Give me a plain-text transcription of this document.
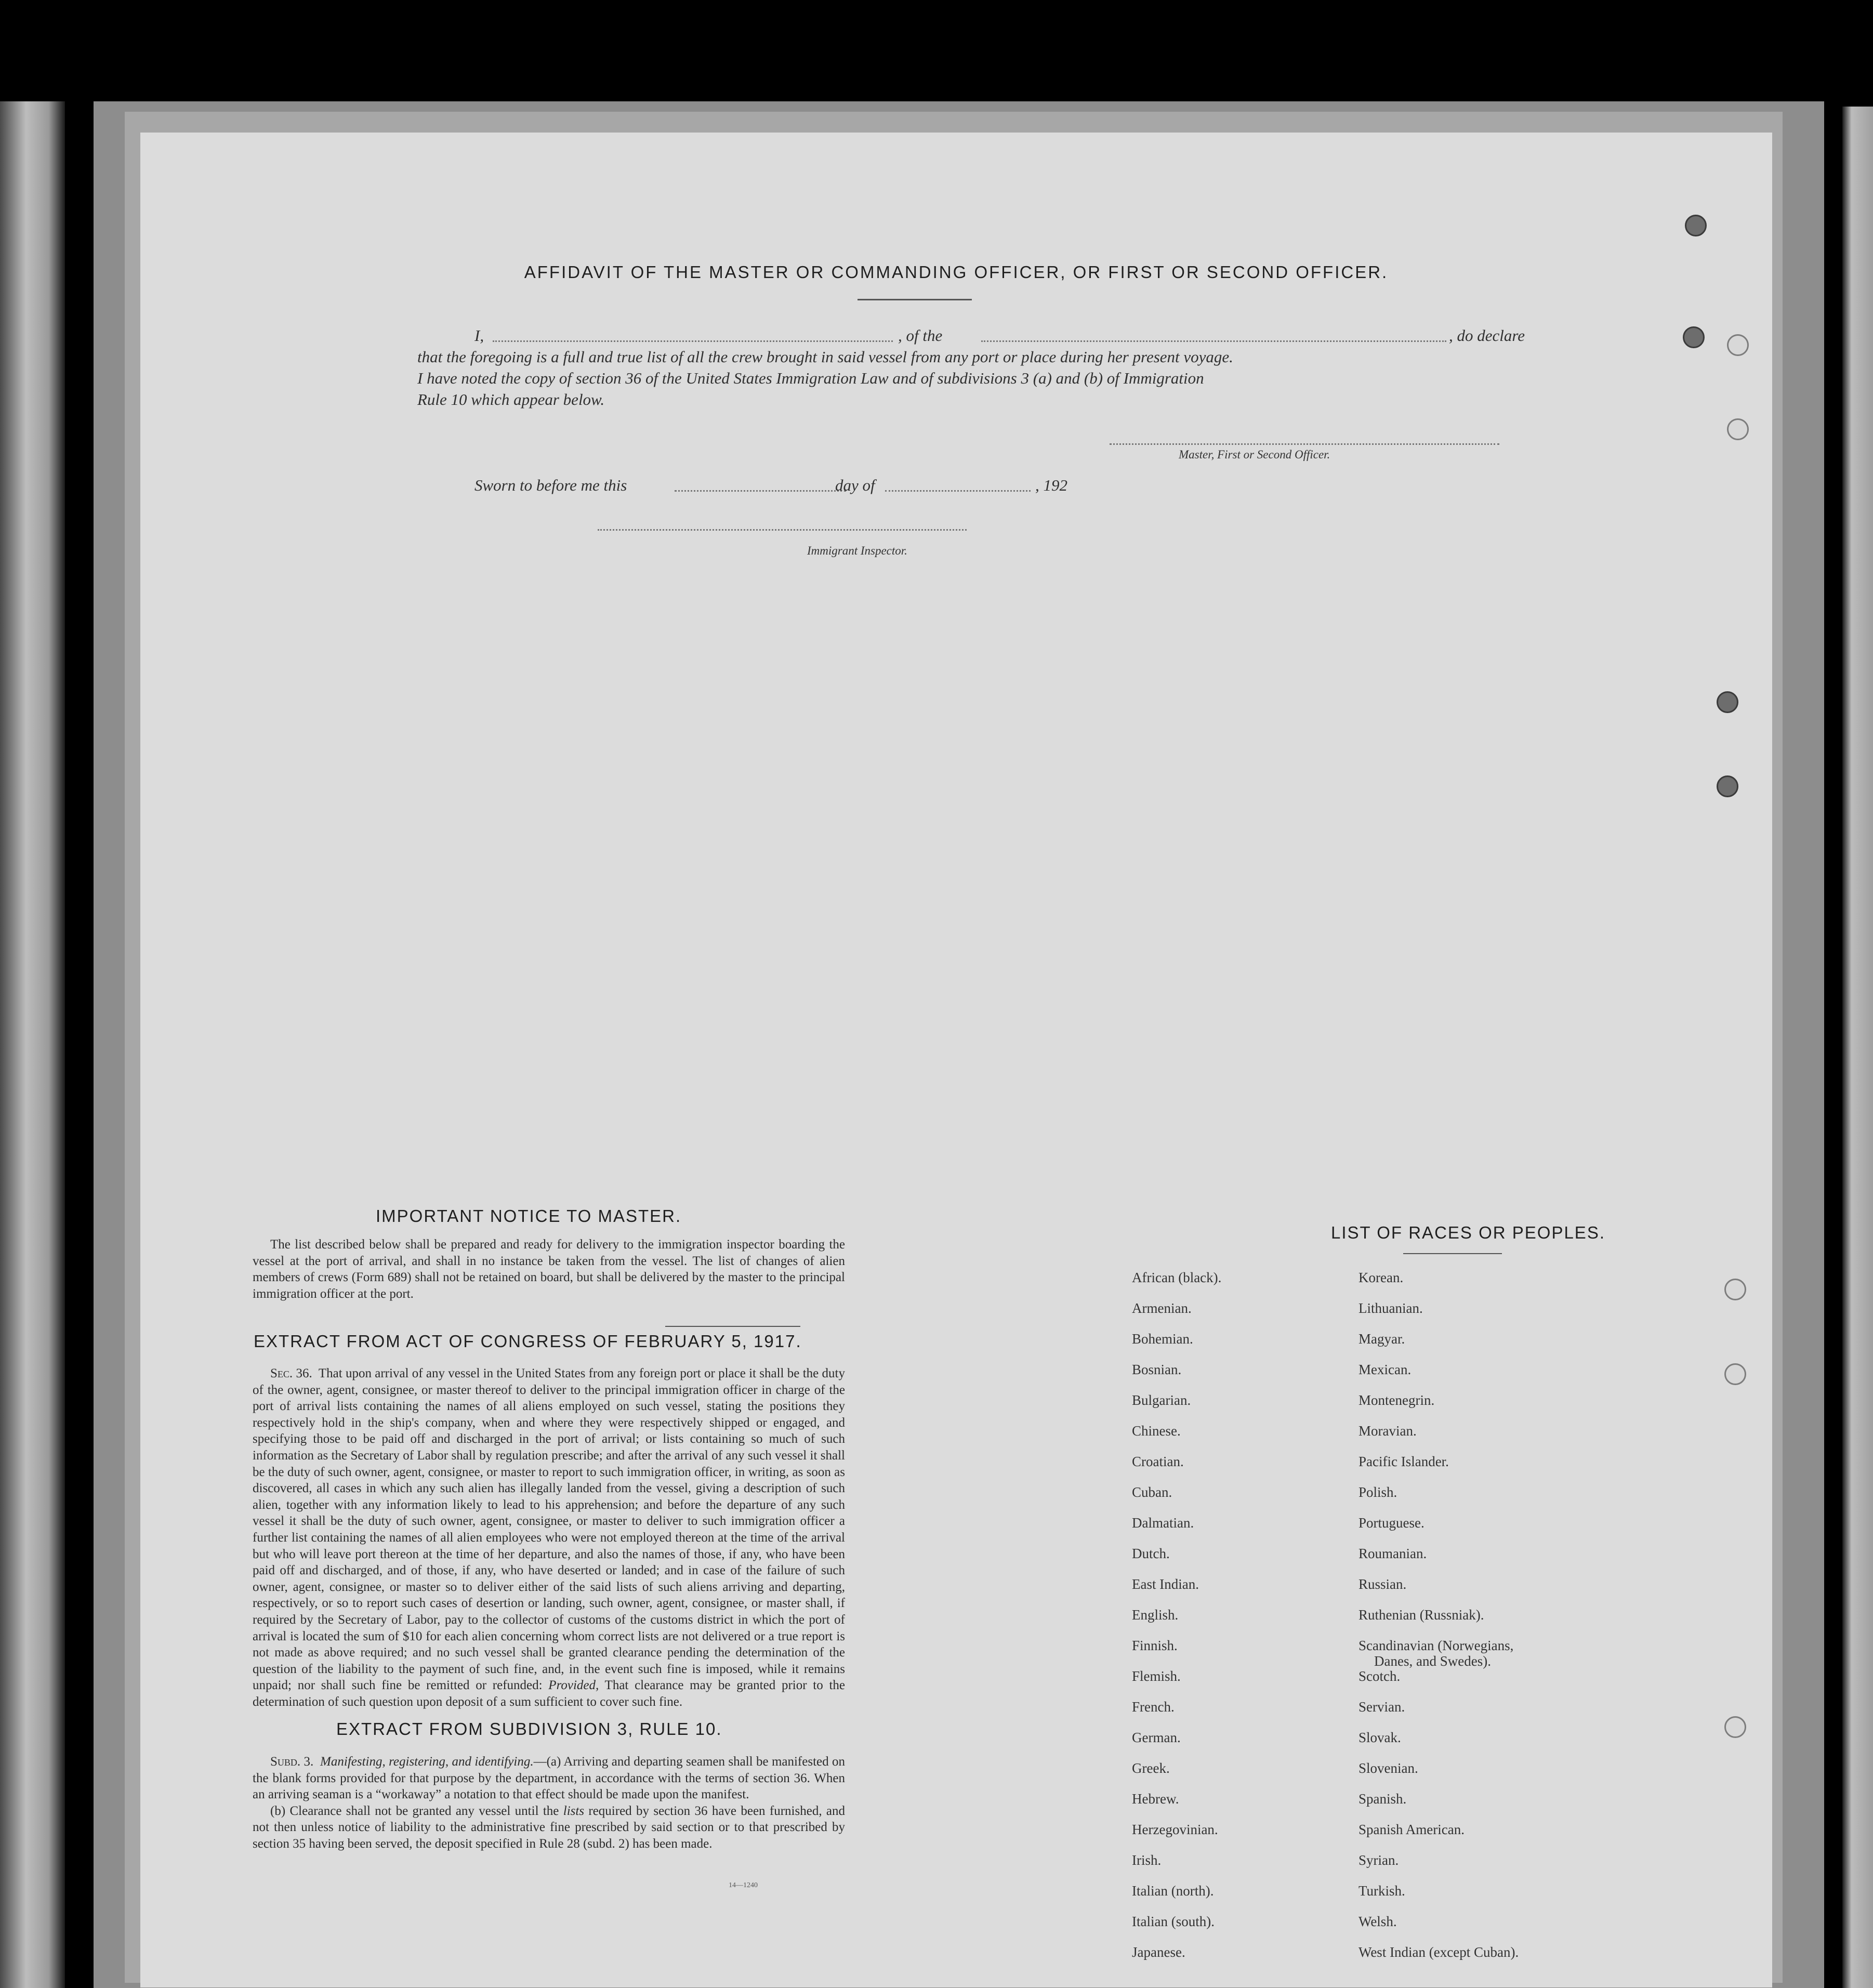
AFFIDAVIT OF THE MASTER OR COMMANDING OFFICER, OR FIRST OR SECOND OFFICER.
I,	, of the	, do declare
that the foregoing is a full and true list of all the crew brought in said vessel from any port or place during her present voyage.
I have noted the copy of section 36 of the United States Immigration Law and of subdivisions 3 (a) and (b) of Immigration
Rule 10 which appear below.
Master, First or Second Officer.
Sworn to before me this	day of	, 192
Immigrant Inspector.
IMPORTANT NOTICE TO MASTER.

The list described below shall be prepared and ready for delivery to the immigration inspector boarding the vessel at the port of arrival, and shall in no instance be taken from the vessel. The list of changes of alien members of crews (Form 689) shall not be retained on board, but shall be delivered by the master to the principal immigration officer at the port.

EXTRACT FROM ACT OF CONGRESS OF FEBRUARY 5, 1917.

Sec. 36. That upon arrival of any vessel in the United States from any foreign port or place it shall be the duty of the owner, agent, consignee, or master thereof to deliver to the principal immigration officer in charge of the port of arrival lists containing the names of all aliens employed on such vessel, stating the positions they respectively hold in the ship's company, when and where they were respectively shipped or engaged, and specifying those to be paid off and discharged in the port of arrival; or lists containing so much of such information as the Secretary of Labor shall by regulation prescribe; and after the arrival of any such vessel it shall be the duty of such owner, agent, consignee, or master to report to such immigration officer, in writing, as soon as discovered, all cases in which any such alien has illegally landed from the vessel, giving a description of such alien, together with any information likely to lead to his apprehension; and before the departure of any such vessel it shall be the duty of such owner, agent, consignee, or master to deliver to such immigration officer a further list containing the names of all alien employees who were not employed thereon at the time of the arrival but who will leave port thereon at the time of her departure, and also the names of those, if any, who have been paid off and discharged, and of those, if any, who have deserted or landed; and in case of the failure of such owner, agent, consignee, or master so to deliver either of the said lists of such aliens arriving and departing, respectively, or so to report such cases of desertion or landing, such owner, agent, consignee, or master shall, if required by the Secretary of Labor, pay to the collector of customs of the customs district in which the port of arrival is located the sum of $10 for each alien concerning whom correct lists are not delivered or a true report is not made as above required; and no such vessel shall be granted clearance pending the determination of the question of the liability to the payment of such fine, and, in the event such fine is imposed, while it remains unpaid; nor shall such fine be remitted or refunded: Provided, That clearance may be granted prior to the determination of such question upon deposit of a sum sufficient to cover such fine.

EXTRACT FROM SUBDIVISION 3, RULE 10.

Subd. 3. Manifesting, registering, and identifying.—(a) Arriving and departing seamen shall be manifested on the blank forms provided for that purpose by the department, in accordance with the terms of section 36. When an arriving seaman is a “workaway” a notation to that effect should be made upon the manifest.

(b) Clearance shall not be granted any vessel until the lists required by section 36 have been furnished, and not then unless notice of liability to the administrative fine prescribed by said section or to that prescribed by section 35 having been served, the deposit specified in Rule 28 (subd. 2) has been made.

14—1240
LIST OF RACES OR PEOPLES.
African (black).
Armenian.
Bohemian.
Bosnian.
Bulgarian.
Chinese.
Croatian.
Cuban.
Dalmatian.
Dutch.
East Indian.
English.
Finnish.
Flemish.
French.
German.
Greek.
Hebrew.
Herzegovinian.
Irish.
Italian (north).
Italian (south).
Japanese.
Korean.
Lithuanian.
Magyar.
Mexican.
Montenegrin.
Moravian.
Pacific Islander.
Polish.
Portuguese.
Roumanian.
Russian.
Ruthenian (Russniak).
Scandinavian (Norwegians,
Danes, and Swedes).
Scotch.
Servian.
Slovak.
Slovenian.
Spanish.
Spanish American.
Syrian.
Turkish.
Welsh.
West Indian (except Cuban).
